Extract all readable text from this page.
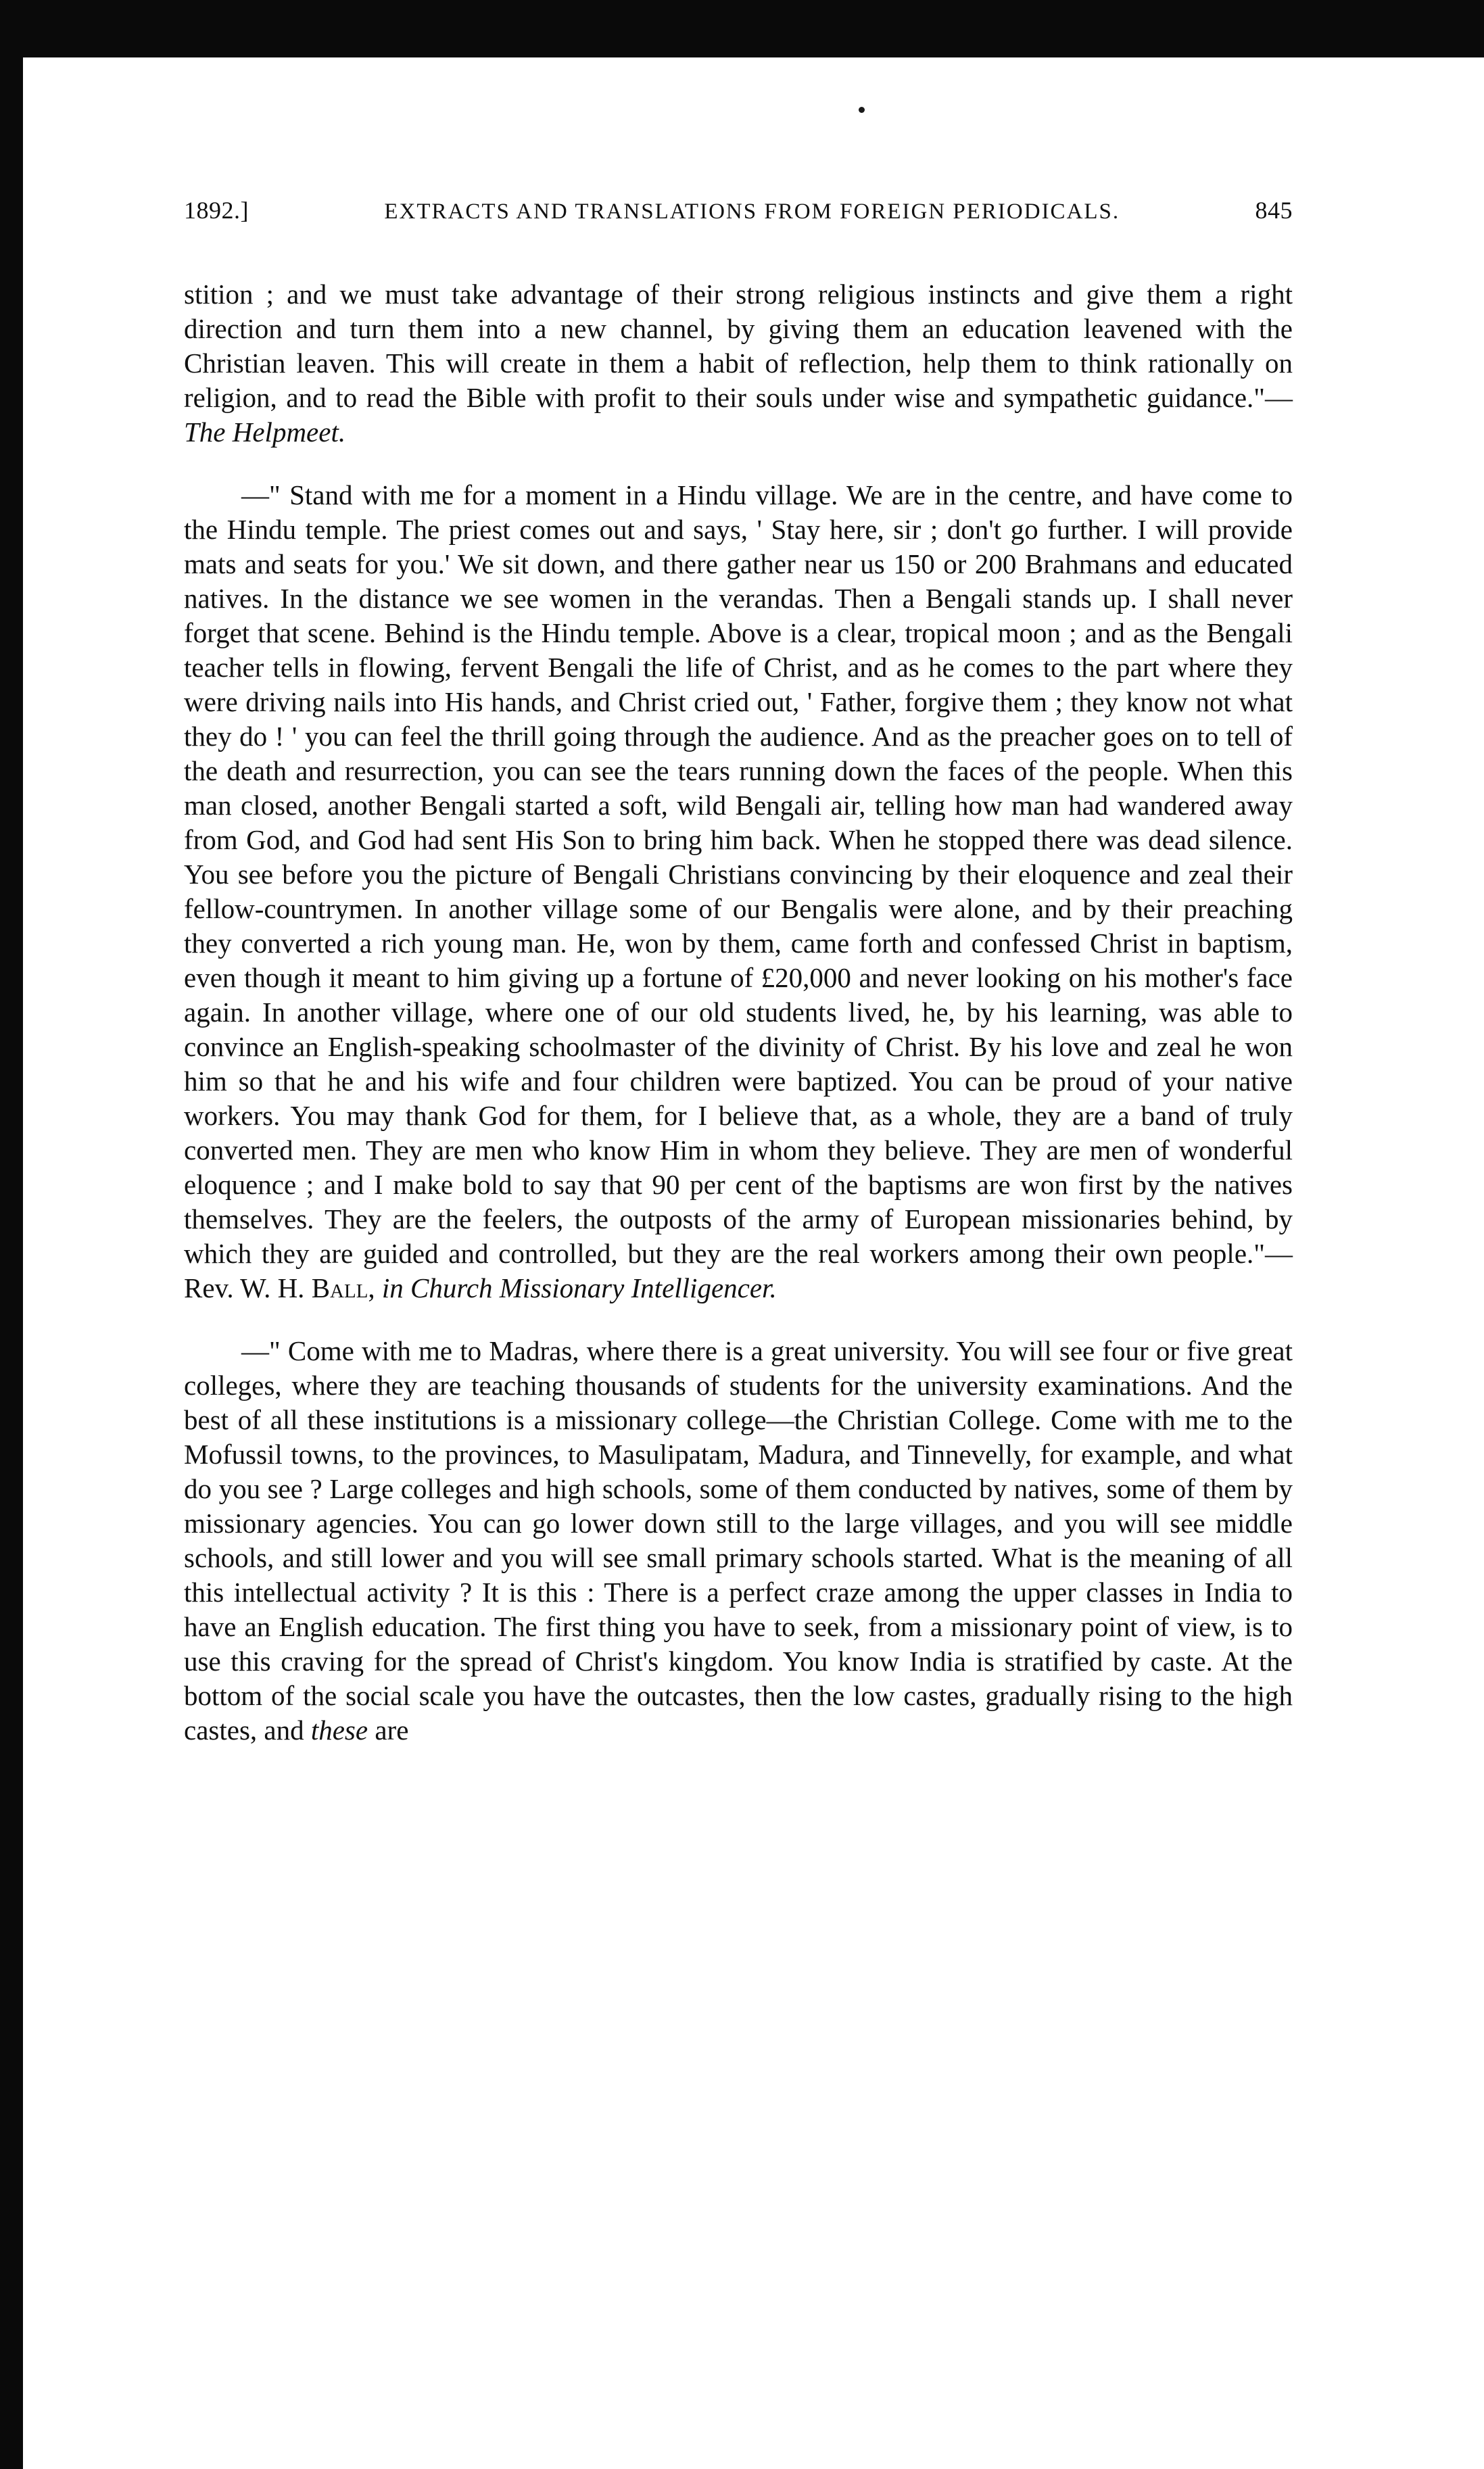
1892.]	EXTRACTS AND TRANSLATIONS FROM FOREIGN PERIODICALS.	845

stition ; and we must take advantage of their strong religious instincts and give them a right direction and turn them into a new channel, by giving them an education leavened with the Christian leaven. This will create in them a habit of reflection, help them to think rationally on religion, and to read the Bible with profit to their souls under wise and sympathetic guidance."—The Helpmeet.

—" Stand with me for a moment in a Hindu village. We are in the centre, and have come to the Hindu temple. The priest comes out and says, ' Stay here, sir ; don't go further. I will provide mats and seats for you.' We sit down, and there gather near us 150 or 200 Brahmans and educated natives. In the distance we see women in the verandas. Then a Bengali stands up. I shall never forget that scene. Behind is the Hindu temple. Above is a clear, tropical moon ; and as the Bengali teacher tells in flowing, fervent Bengali the life of Christ, and as he comes to the part where they were driving nails into His hands, and Christ cried out, ' Father, forgive them ; they know not what they do ! ' you can feel the thrill going through the audience. And as the preacher goes on to tell of the death and resurrection, you can see the tears running down the faces of the people. When this man closed, another Bengali started a soft, wild Bengali air, telling how man had wandered away from God, and God had sent His Son to bring him back. When he stopped there was dead silence. You see before you the picture of Bengali Christians convincing by their eloquence and zeal their fellow-countrymen. In another village some of our Bengalis were alone, and by their preaching they converted a rich young man. He, won by them, came forth and confessed Christ in baptism, even though it meant to him giving up a fortune of £20,000 and never looking on his mother's face again. In another village, where one of our old students lived, he, by his learning, was able to convince an English-speaking schoolmaster of the divinity of Christ. By his love and zeal he won him so that he and his wife and four children were baptized. You can be proud of your native workers. You may thank God for them, for I believe that, as a whole, they are a band of truly converted men. They are men who know Him in whom they believe. They are men of wonderful eloquence ; and I make bold to say that 90 per cent of the baptisms are won first by the natives themselves. They are the feelers, the outposts of the army of European missionaries behind, by which they are guided and controlled, but they are the real workers among their own people."— Rev. W. H. Ball, in Church Missionary Intelligencer.

—" Come with me to Madras, where there is a great university. You will see four or five great colleges, where they are teaching thousands of students for the university examinations. And the best of all these institutions is a missionary college—the Christian College. Come with me to the Mofussil towns, to the provinces, to Masulipatam, Madura, and Tinnevelly, for example, and what do you see ? Large colleges and high schools, some of them conducted by natives, some of them by missionary agencies. You can go lower down still to the large villages, and you will see middle schools, and still lower and you will see small primary schools started. What is the meaning of all this intellectual activity ? It is this : There is a perfect craze among the upper classes in India to have an English education. The first thing you have to seek, from a missionary point of view, is to use this craving for the spread of Christ's kingdom. You know India is stratified by caste. At the bottom of the social scale you have the outcastes, then the low castes, gradually rising to the high castes, and these are
